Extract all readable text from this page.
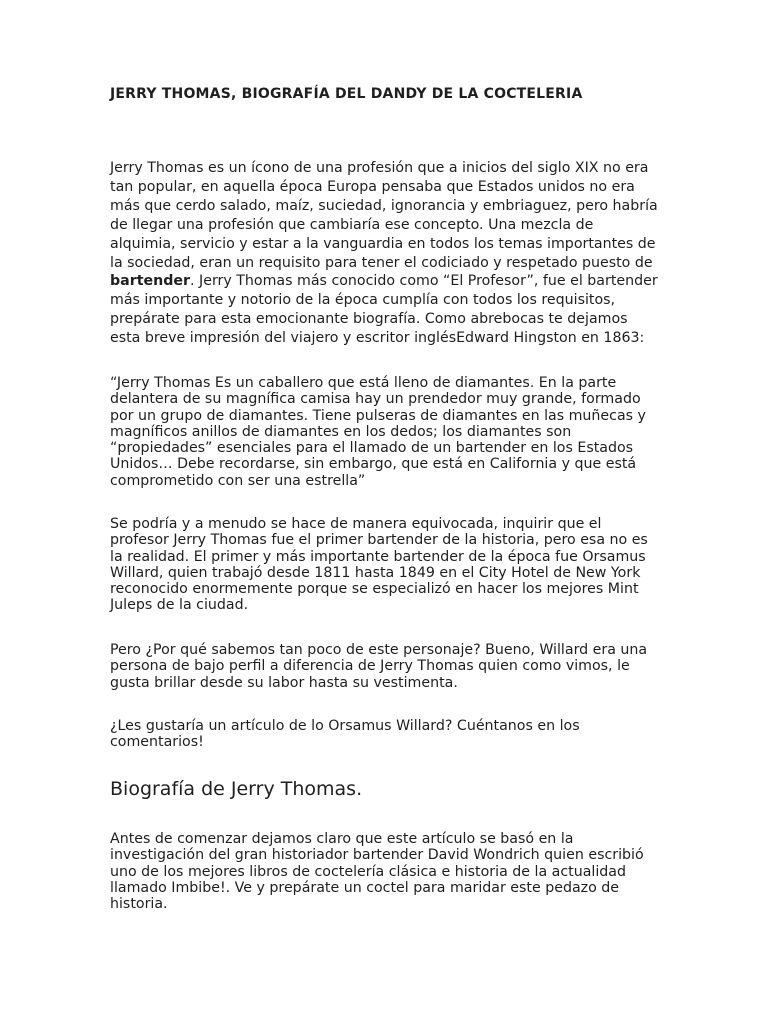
JERRY THOMAS, BIOGRAFÍA DEL DANDY DE LA COCTELERIA

Jerry Thomas es un ícono de una profesión que a inicios del siglo XIX no era tan popular, en aquella época Europa pensaba que Estados unidos no era más que cerdo salado, maíz, suciedad, ignorancia y embriaguez, pero habría de llegar una profesión que cambiaría ese concepto. Una mezcla de alquimia, servicio y estar a la vanguardia en todos los temas importantes de la sociedad, eran un requisito para tener el codiciado y respetado puesto de bartender. Jerry Thomas más conocido como “El Profesor”, fue el bartender más importante y notorio de la época cumplía con todos los requisitos, prepárate para esta emocionante biografía. Como abrebocas te dejamos esta breve impresión del viajero y escritor inglésEdward Hingston en 1863:

“Jerry Thomas Es un caballero que está lleno de diamantes. En la parte delantera de su magnífica camisa hay un prendedor muy grande, formado por un grupo de diamantes. Tiene pulseras de diamantes en las muñecas y magníficos anillos de diamantes en los dedos; los diamantes son “propiedades” esenciales para el llamado de un bartender en los Estados Unidos… Debe recordarse, sin embargo, que está en California y que está comprometido con ser una estrella”

Se podría y a menudo se hace de manera equivocada, inquirir que el profesor Jerry Thomas fue el primer bartender de la historia, pero esa no es la realidad. El primer y más importante bartender de la época fue Orsamus Willard, quien trabajó desde 1811 hasta 1849 en el City Hotel de New York reconocido enormemente porque se especializó en hacer los mejores Mint Juleps de la ciudad.

Pero ¿Por qué sabemos tan poco de este personaje? Bueno, Willard era una persona de bajo perfil a diferencia de Jerry Thomas quien como vimos, le gusta brillar desde su labor hasta su vestimenta.

¿Les gustaría un artículo de lo Orsamus Willard? Cuéntanos en los comentarios!

Biografía de Jerry Thomas.

Antes de comenzar dejamos claro que este artículo se basó en la investigación del gran historiador bartender David Wondrich quien escribió uno de los mejores libros de coctelería clásica e historia de la actualidad llamado Imbibe!. Ve y prepárate un coctel para maridar este pedazo de historia.
